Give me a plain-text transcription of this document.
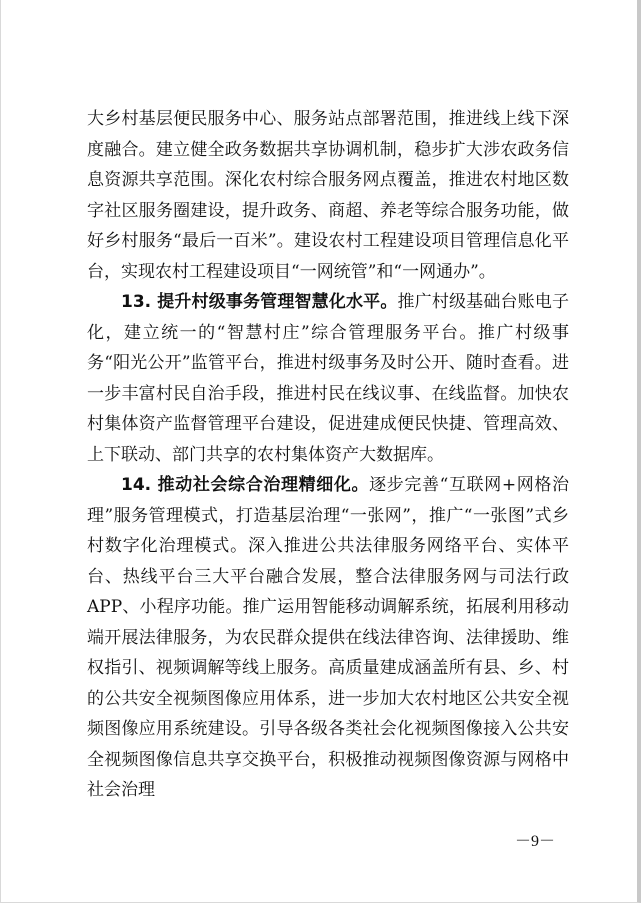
大乡村基层便民服务中心、服务站点部署范围，推进线上线下深度融合。建立健全政务数据共享协调机制，稳步扩大涉农政务信息资源共享范围。深化农村综合服务网点覆盖，推进农村地区数字社区服务圈建设，提升政务、商超、养老等综合服务功能，做好乡村服务“最后一百米”。建设农村工程建设项目管理信息化平台，实现农村工程建设项目“一网统管”和“一网通办”。

13. 提升村级事务管理智慧化水平。推广村级基础台账电子化，建立统一的“智慧村庄”综合管理服务平台。推广村级事务“阳光公开”监管平台，推进村级事务及时公开、随时查看。进一步丰富村民自治手段，推进村民在线议事、在线监督。加快农村集体资产监督管理平台建设，促进建成便民快捷、管理高效、上下联动、部门共享的农村集体资产大数据库。

14. 推动社会综合治理精细化。逐步完善“互联网+网格治理”服务管理模式，打造基层治理“一张网”，推广“一张图”式乡村数字化治理模式。深入推进公共法律服务网络平台、实体平台、热线平台三大平台融合发展，整合法律服务网与司法行政APP、小程序功能。推广运用智能移动调解系统，拓展利用移动端开展法律服务，为农民群众提供在线法律咨询、法律援助、维权指引、视频调解等线上服务。高质量建成涵盖所有县、乡、村的公共安全视频图像应用体系，进一步加大农村地区公共安全视频图像应用系统建设。引导各级各类社会化视频图像接入公共安全视频图像信息共享交换平台，积极推动视频图像资源与网格中社会治理

－9－
